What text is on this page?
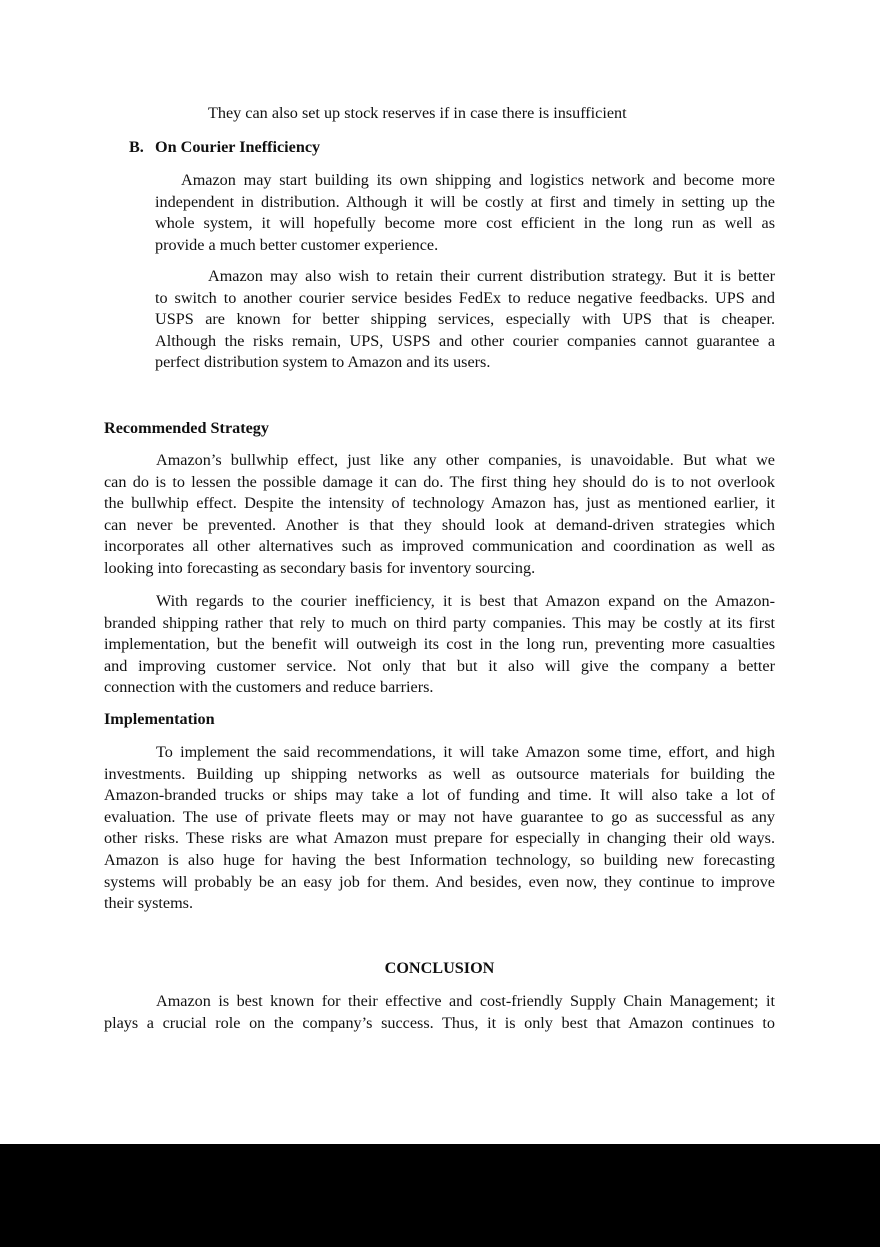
They can also set up stock reserves if in case there is insufficient
B. On Courier Inefficiency
Amazon may start building its own shipping and logistics network and become more
independent in distribution. Although it will be costly at first and timely in setting up the
whole system, it will hopefully become more cost efficient in the long run as well as
provide a much better customer experience.
Amazon may also wish to retain their current distribution strategy. But it is better
to switch to another courier service besides FedEx to reduce negative feedbacks. UPS and
USPS are known for better shipping services, especially with UPS that is cheaper.
Although the risks remain, UPS, USPS and other courier companies cannot guarantee a
perfect distribution system to Amazon and its users.
Recommended Strategy
Amazon’s bullwhip effect, just like any other companies, is unavoidable. But what we
can do is to lessen the possible damage it can do. The first thing hey should do is to not overlook
the bullwhip effect. Despite the intensity of technology Amazon has, just as mentioned earlier, it
can never be prevented. Another is that they should look at demand-driven strategies which
incorporates all other alternatives such as improved communication and coordination as well as
looking into forecasting as secondary basis for inventory sourcing.
With regards to the courier inefficiency, it is best that Amazon expand on the Amazon-
branded shipping rather that rely to much on third party companies. This may be costly at its first
implementation, but the benefit will outweigh its cost in the long run, preventing more casualties
and improving customer service. Not only that but it also will give the company a better
connection with the customers and reduce barriers.
Implementation
To implement the said recommendations, it will take Amazon some time, effort, and high
investments. Building up shipping networks as well as outsource materials for building the
Amazon-branded trucks or ships may take a lot of funding and time. It will also take a lot of
evaluation. The use of private fleets may or may not have guarantee to go as successful as any
other risks. These risks are what Amazon must prepare for especially in changing their old ways.
Amazon is also huge for having the best Information technology, so building new forecasting
systems will probably be an easy job for them. And besides, even now, they continue to improve
their systems.
CONCLUSION
Amazon is best known for their effective and cost-friendly Supply Chain Management; it
plays a crucial role on the company’s success. Thus, it is only best that Amazon continues to
